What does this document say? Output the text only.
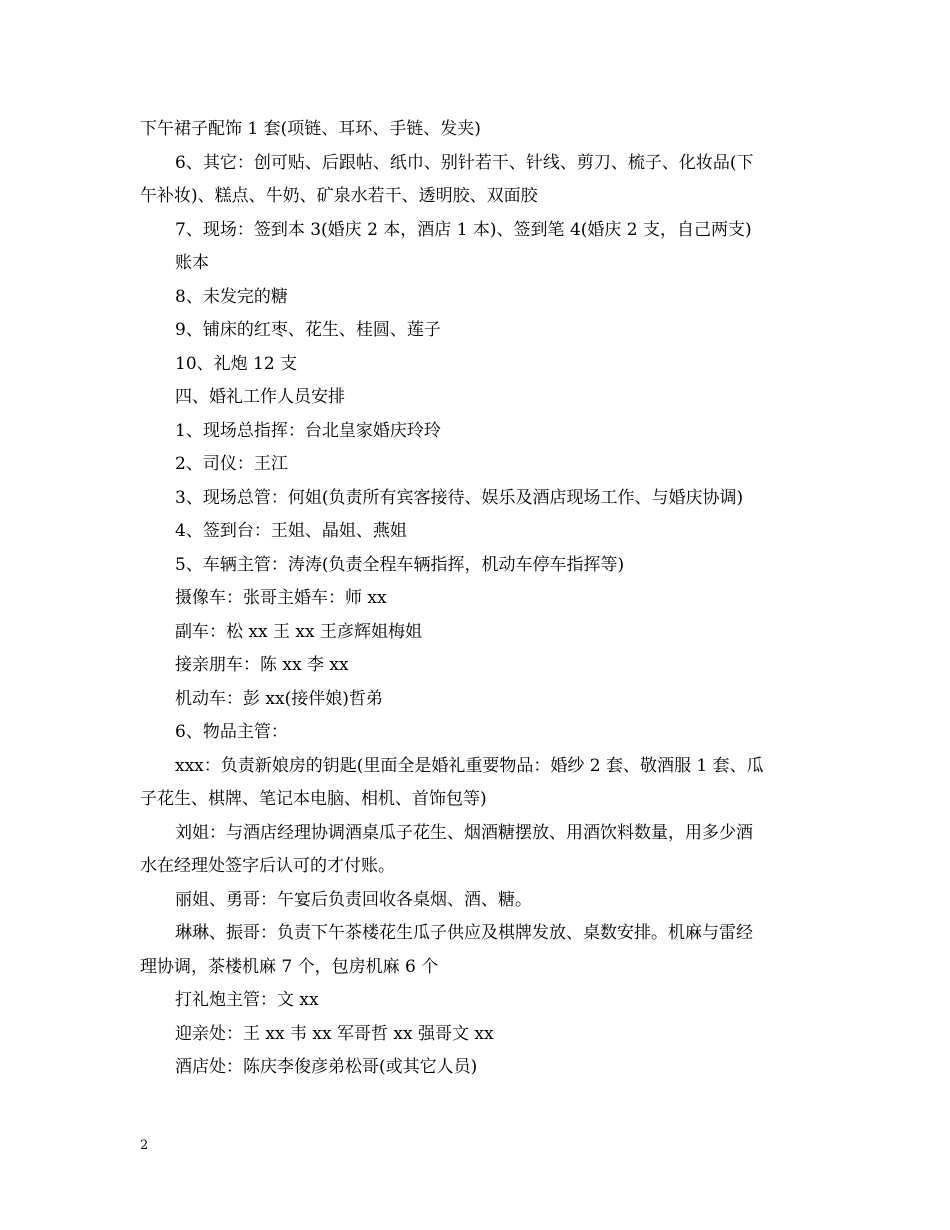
下午裙子配饰 1 套(项链、耳环、手链、发夹)
6、其它：创可贴、后跟帖、纸巾、别针若干、针线、剪刀、梳子、化妆品(下
午补妆)、糕点、牛奶、矿泉水若干、透明胶、双面胶
7、现场：签到本 3(婚庆 2 本，酒店 1 本)、签到笔 4(婚庆 2 支，自己两支)
账本
8、未发完的糖
9、铺床的红枣、花生、桂圆、莲子
10、礼炮 12 支
四、婚礼工作人员安排
1、现场总指挥：台北皇家婚庆玲玲
2、司仪：王江
3、现场总管：何姐(负责所有宾客接待、娱乐及酒店现场工作、与婚庆协调)
4、签到台：王姐、晶姐、燕姐
5、车辆主管：涛涛(负责全程车辆指挥，机动车停车指挥等)
摄像车：张哥主婚车：师 xx
副车：松 xx 王 xx 王彦辉姐梅姐
接亲朋车：陈 xx 李 xx
机动车：彭 xx(接伴娘)哲弟
6、物品主管：
xxx：负责新娘房的钥匙(里面全是婚礼重要物品：婚纱 2 套、敬酒服 1 套、瓜
子花生、棋牌、笔记本电脑、相机、首饰包等)
刘姐：与酒店经理协调酒桌瓜子花生、烟酒糖摆放、用酒饮料数量，用多少酒
水在经理处签字后认可的才付账。
丽姐、勇哥：午宴后负责回收各桌烟、酒、糖。
琳琳、振哥：负责下午茶楼花生瓜子供应及棋牌发放、桌数安排。机麻与雷经
理协调，茶楼机麻 7 个，包房机麻 6 个
打礼炮主管：文 xx
迎亲处：王 xx 韦 xx 军哥哲 xx 强哥文 xx
酒店处：陈庆李俊彦弟松哥(或其它人员)
2
